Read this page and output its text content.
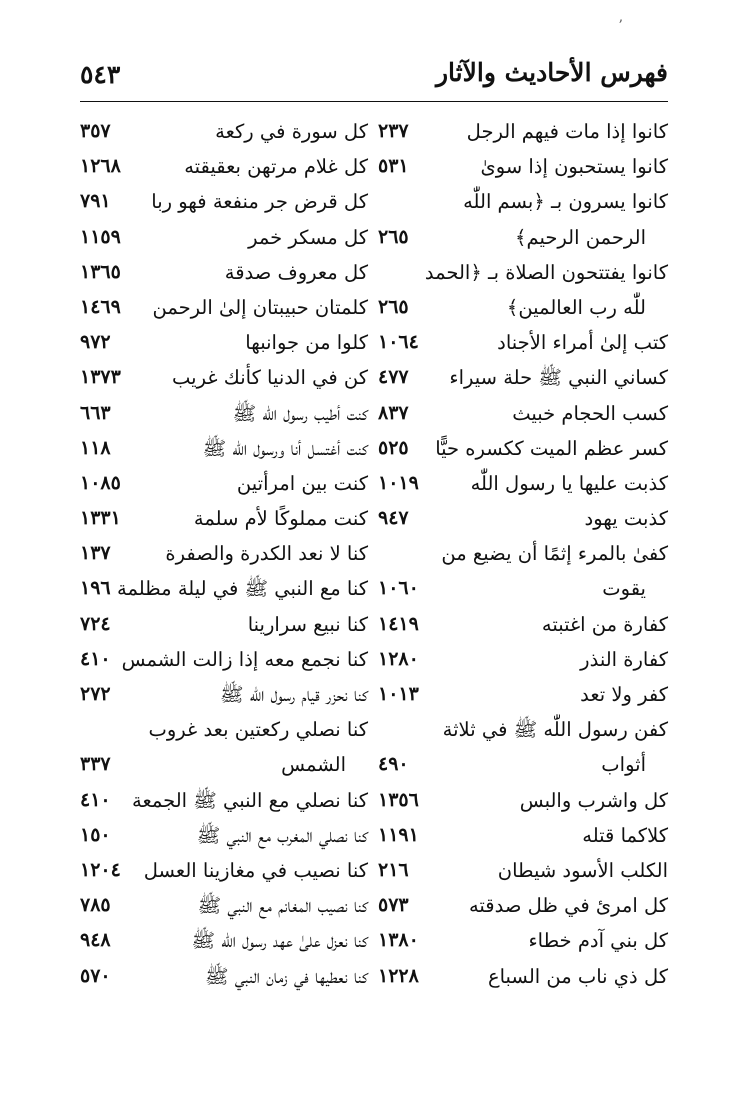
ʼ
فهرس الأحاديث والآثار
٥٤٣
كانوا إذا مات فيهم الرجل
٢٣٧
كانوا يستحبون إذا سوىٰ
٥٣١
كانوا يسرون بـ ﴿بسم اللّٰه
الرحمن الرحيم﴾
٢٦٥
كانوا يفتتحون الصلاة بـ ﴿الحمد
للّٰه رب العالمين﴾
٢٦٥
كتب إلىٰ أمراء الأجناد
١٠٦٤
كساني النبي ﷺ حلة سيراء
٤٧٧
كسب الحجام خبيث
٨٣٧
كسر عظم الميت ككسره حيًّا
٥٢٥
كذبت عليها يا رسول اللّٰه
١٠١٩
كذبت يهود
٩٤٧
كفىٰ بالمرء إثمًا أن يضيع من
يقوت
١٠٦٠
كفارة من اغتبته
١٤١٩
كفارة النذر
١٢٨٠
كفر ولا تعد
١٠١٣
كفن رسول اللّٰه ﷺ في ثلاثة
أثواب
٤٩٠
كل واشرب والبس
١٣٥٦
كلاكما قتله
١١٩١
الكلب الأسود شيطان
٢١٦
كل امرئ في ظل صدقته
٥٧٣
كل بني آدم خطاء
١٣٨٠
كل ذي ناب من السباع
١٢٢٨
كل سورة في ركعة
٣٥٧
كل غلام مرتهن بعقيقته
١٢٦٨
كل قرض جر منفعة فهو ربا
٧٩١
كل مسكر خمر
١١٥٩
كل معروف صدقة
١٣٦٥
كلمتان حبيبتان إلىٰ الرحمن
١٤٦٩
كلوا من جوانبها
٩٧٢
كن في الدنيا كأنك غريب
١٣٧٣
كنت أطيب رسول اللّٰه ﷺ
٦٦٣
كنت أغتسل أنا ورسول اللّٰه ﷺ
١١٨
كنت بين امرأتين
١٠٨٥
كنت مملوكًا لأم سلمة
١٣٣١
كنا لا نعد الكدرة والصفرة
١٣٧
كنا مع النبي ﷺ في ليلة مظلمة
١٩٦
كنا نبيع سرارينا
٧٢٤
كنا نجمع معه إذا زالت الشمس
٤١٠
كنا نحزر قيام رسول اللّٰه ﷺ
٢٧٢
كنا نصلي ركعتين بعد غروب
الشمس
٣٣٧
كنا نصلي مع النبي ﷺ الجمعة
٤١٠
كنا نصلي المغرب مع النبي ﷺ
١٥٠
كنا نصيب في مغازينا العسل
١٢٠٤
كنا نصيب المغانم مع النبي ﷺ
٧٨٥
كنا نعزل علىٰ عهد رسول اللّٰه ﷺ
٩٤٨
كنا نعطيها في زمان النبي ﷺ
٥٧٠
